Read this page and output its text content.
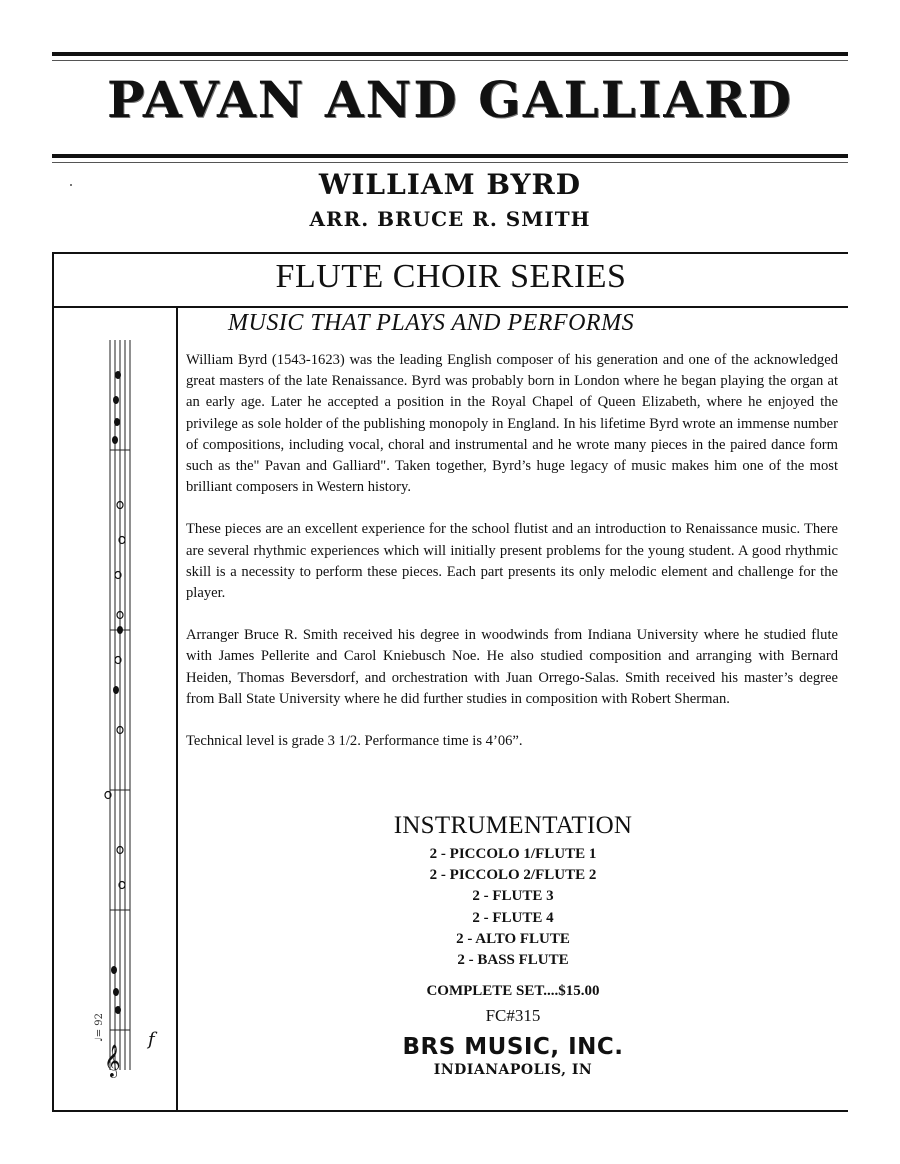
PAVAN AND GALLIARD
WILLIAM BYRD
ARR. BRUCE R. SMITH
FLUTE CHOIR SERIES
MUSIC THAT PLAYS AND PERFORMS
𝄞
♩= 92 f

William Byrd (1543-1623) was the leading English composer of his generation and one of the acknowledged great masters of the late Renaissance. Byrd was probably born in London where he began playing the organ at an early age. Later he accepted a position in the Royal Chapel of Queen Elizabeth, where he enjoyed the privilege as sole holder of the publishing monopoly in England. In his lifetime Byrd wrote an immense number of compositions, including vocal, choral and instrumental and he wrote many pieces in the paired dance form such as the" Pavan and Galliard". Taken together, Byrd’s huge legacy of music makes him one of the most brilliant composers in Western history.

These pieces are an excellent experience for the school flutist and an introduction to Renaissance music. There are several rhythmic experiences which will initially present problems for the young student. A good rhythmic skill is a necessity to perform these pieces. Each part presents its only melodic element and challenge for the player.

Arranger Bruce R. Smith received his degree in woodwinds from Indiana University where he studied flute with James Pellerite and Carol Kniebusch Noe. He also studied composition and arranging with Bernard Heiden, Thomas Beversdorf, and orchestration with Juan Orrego-Salas. Smith received his master’s degree from Ball State University where he did further studies in composition with Robert Sherman.

Technical level is grade 3 1/2. Performance time is 4’06”.

INSTRUMENTATION
2 - PICCOLO 1/FLUTE 1
2 - PICCOLO 2/FLUTE 2
2 - FLUTE 3
2 - FLUTE 4
2 - ALTO FLUTE
2 - BASS FLUTE
COMPLETE SET....$15.00
FC#315
BRS MUSIC, INC.
INDIANAPOLIS, IN
